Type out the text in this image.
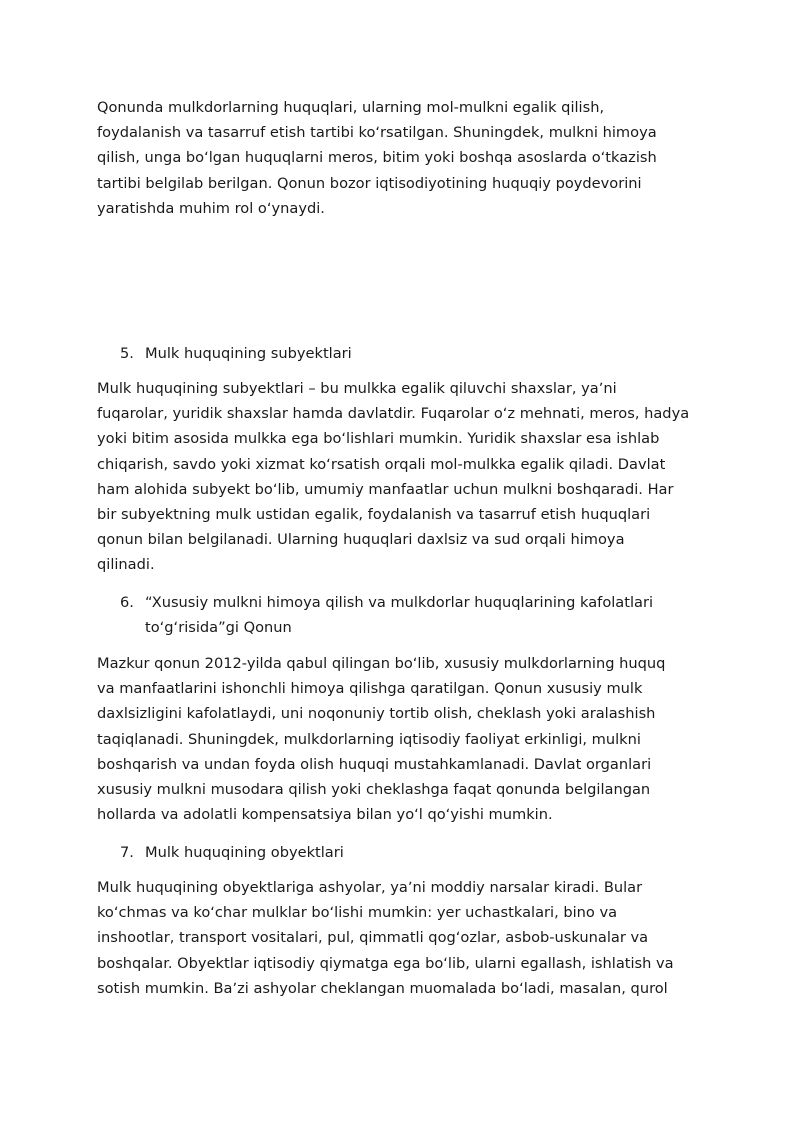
Qonunda mulkdorlarning huquqlari, ularning mol-mulkni egalik qilish,
foydalanish va tasarruf etish tartibi koʻrsatilgan. Shuningdek, mulkni himoya
qilish, unga boʻlgan huquqlarni meros, bitim yoki boshqa asoslarda oʻtkazish
tartibi belgilab berilgan. Qonun bozor iqtisodiyotining huquqiy poydevorini
yaratishda muhim rol oʻynaydi.
5. Mulk huquqining subyektlari
Mulk huquqining subyektlari – bu mulkka egalik qiluvchi shaxslar, yaʼni
fuqarolar, yuridik shaxslar hamda davlatdir. Fuqarolar oʻz mehnati, meros, hadya
yoki bitim asosida mulkka ega boʻlishlari mumkin. Yuridik shaxslar esa ishlab
chiqarish, savdo yoki xizmat koʻrsatish orqali mol-mulkka egalik qiladi. Davlat
ham alohida subyekt boʻlib, umumiy manfaatlar uchun mulkni boshqaradi. Har
bir subyektning mulk ustidan egalik, foydalanish va tasarruf etish huquqlari
qonun bilan belgilanadi. Ularning huquqlari daxlsiz va sud orqali himoya
qilinadi.
6. “Xususiy mulkni himoya qilish va mulkdorlar huquqlarining kafolatlari
toʻgʻrisida”gi Qonun
Mazkur qonun 2012-yilda qabul qilingan boʻlib, xususiy mulkdorlarning huquq
va manfaatlarini ishonchli himoya qilishga qaratilgan. Qonun xususiy mulk
daxlsizligini kafolatlaydi, uni noqonuniy tortib olish, cheklash yoki aralashish
taqiqlanadi. Shuningdek, mulkdorlarning iqtisodiy faoliyat erkinligi, mulkni
boshqarish va undan foyda olish huquqi mustahkamlanadi. Davlat organlari
xususiy mulkni musodara qilish yoki cheklashga faqat qonunda belgilangan
hollarda va adolatli kompensatsiya bilan yoʻl qoʻyishi mumkin.
7. Mulk huquqining obyektlari
Mulk huquqining obyektlariga ashyolar, yaʼni moddiy narsalar kiradi. Bular
koʻchmas va koʻchar mulklar boʻlishi mumkin: yer uchastkalari, bino va
inshootlar, transport vositalari, pul, qimmatli qogʻozlar, asbob-uskunalar va
boshqalar. Obyektlar iqtisodiy qiymatga ega boʻlib, ularni egallash, ishlatish va
sotish mumkin. Baʼzi ashyolar cheklangan muomalada boʻladi, masalan, qurol
